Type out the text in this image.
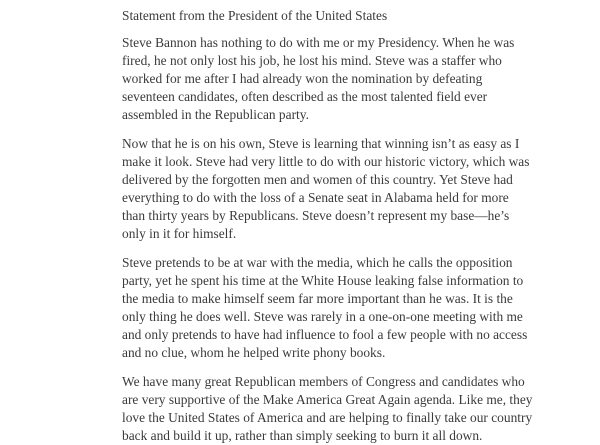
Statement from the President of the United States
Steve Bannon has nothing to do with me or my Presidency. When he was
fired, he not only lost his job, he lost his mind. Steve was a staffer who
worked for me after I had already won the nomination by defeating
seventeen candidates, often described as the most talented field ever
assembled in the Republican party.
Now that he is on his own, Steve is learning that winning isn’t as easy as I
make it look. Steve had very little to do with our historic victory, which was
delivered by the forgotten men and women of this country. Yet Steve had
everything to do with the loss of a Senate seat in Alabama held for more
than thirty years by Republicans. Steve doesn’t represent my base—he’s
only in it for himself.
Steve pretends to be at war with the media, which he calls the opposition
party, yet he spent his time at the White House leaking false information to
the media to make himself seem far more important than he was. It is the
only thing he does well. Steve was rarely in a one-on-one meeting with me
and only pretends to have had influence to fool a few people with no access
and no clue, whom he helped write phony books.
We have many great Republican members of Congress and candidates who
are very supportive of the Make America Great Again agenda. Like me, they
love the United States of America and are helping to finally take our country
back and build it up, rather than simply seeking to burn it all down.
